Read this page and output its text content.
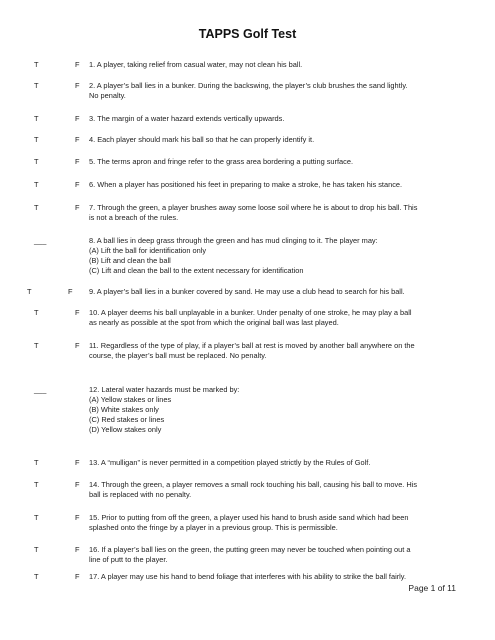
TAPPS Golf Test
T	F 1. A player, taking relief from casual water, may not clean his ball.
T	F 2. A player’s ball lies in a bunker. During the backswing, the player’s club brushes the sand lightly.
No penalty.
T	F 3. The margin of a water hazard extends vertically upwards.
T	F 4. Each player should mark his ball so that he can properly identify it.
T	F 5. The terms apron and fringe refer to the grass area bordering a putting surface.
T	F 6. When a player has positioned his feet in preparing to make a stroke, he has taken his stance.
T	F 7. Through the green, a player brushes away some loose soil where he is about to drop his ball. This
is not a breach of the rules.
___	8. A ball lies in deep grass through the green and has mud clinging to it. The player may:
(A) Lift the ball for identification only
(B) Lift and clean the ball
(C) Lift and clean the ball to the extent necessary for identification
T	F 9. A player’s ball lies in a bunker covered by sand. He may use a club head to search for his ball.
T	F 10. A player deems his ball unplayable in a bunker. Under penalty of one stroke, he may play a ball
as nearly as possible at the spot from which the original ball was last played.
T	F 11. Regardless of the type of play, if a player’s ball at rest is moved by another ball anywhere on the
course, the player’s ball must be replaced. No penalty.
___	12. Lateral water hazards must be marked by:
(A) Yellow stakes or lines
(B) White stakes only
(C) Red stakes or lines
(D) Yellow stakes only
T	F 13. A “mulligan” is never permitted in a competition played strictly by the Rules of Golf.
T	F 14. Through the green, a player removes a small rock touching his ball, causing his ball to move. His
ball is replaced with no penalty.
T	F 15. Prior to putting from off the green, a player used his hand to brush aside sand which had been
splashed onto the fringe by a player in a previous group. This is permissible.
T	F 16. If a player’s ball lies on the green, the putting green may never be touched when pointing out a
line of putt to the player.
T	F 17. A player may use his hand to bend foliage that interferes with his ability to strike the ball fairly.
Page 1 of 11
